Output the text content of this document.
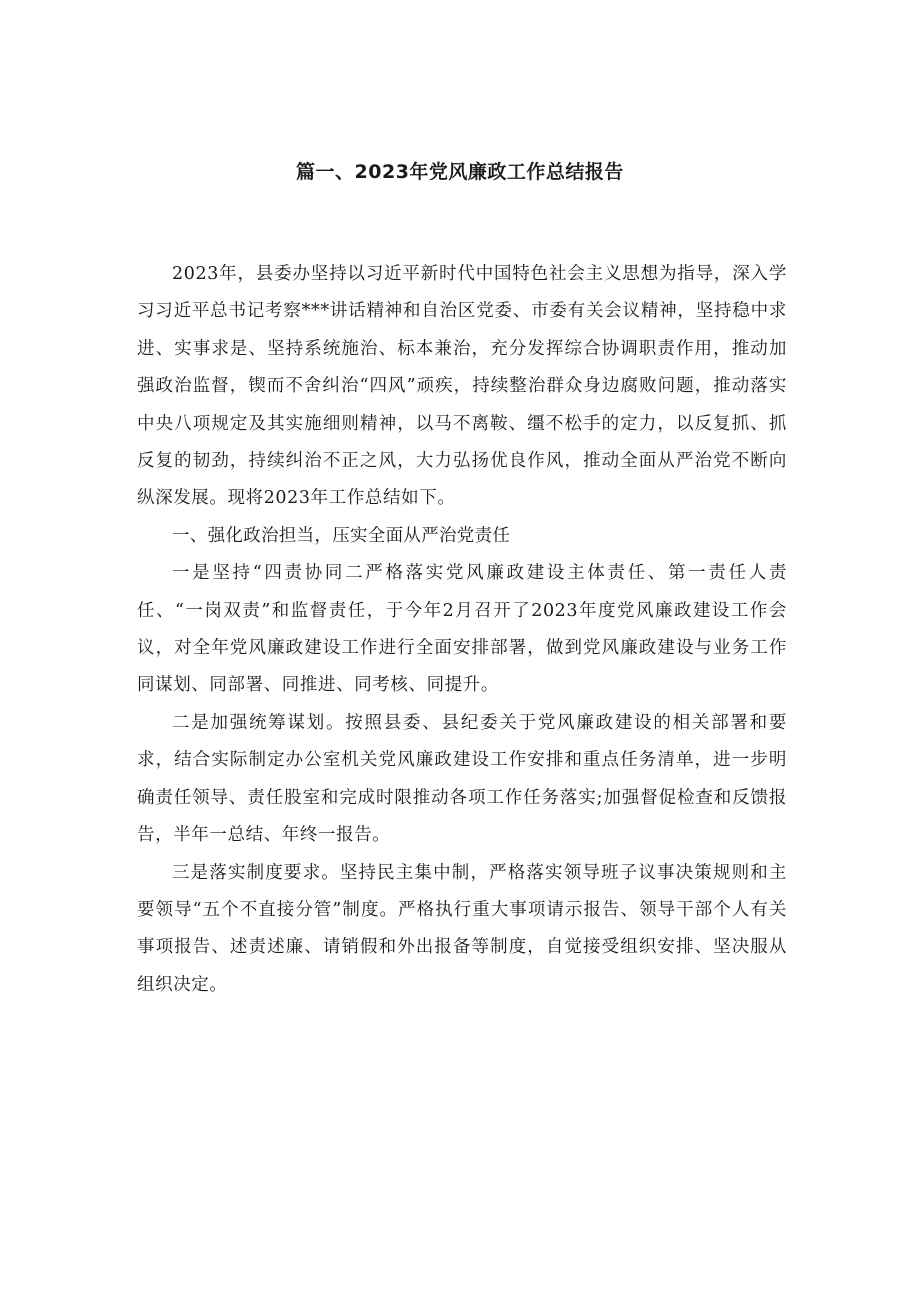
篇一、2023年党风廉政工作总结报告

2023年，县委办坚持以习近平新时代中国特色社会主义思想为指导，深入学习习近平总书记考察***讲话精神和自治区党委、市委有关会议精神，坚持稳中求进、实事求是、坚持系统施治、标本兼治，充分发挥综合协调职责作用，推动加强政治监督，锲而不舍纠治“四风”顽疾，持续整治群众身边腐败问题，推动落实中央八项规定及其实施细则精神，以马不离鞍、缰不松手的定力，以反复抓、抓反复的韧劲，持续纠治不正之风，大力弘扬优良作风，推动全面从严治党不断向纵深发展。现将2023年工作总结如下。

一、强化政治担当，压实全面从严治党责任

一是坚持“四责协同二严格落实党风廉政建设主体责任、第一责任人责任、“一岗双责”和监督责任，于今年2月召开了2023年度党风廉政建设工作会议，对全年党风廉政建设工作进行全面安排部署，做到党风廉政建设与业务工作同谋划、同部署、同推进、同考核、同提升。

二是加强统筹谋划。按照县委、县纪委关于党风廉政建设的相关部署和要求，结合实际制定办公室机关党风廉政建设工作安排和重点任务清单，进一步明确责任领导、责任股室和完成时限推动各项工作任务落实;加强督促检查和反馈报告，半年一总结、年终一报告。

三是落实制度要求。坚持民主集中制，严格落实领导班子议事决策规则和主要领导“五个不直接分管”制度。严格执行重大事项请示报告、领导干部个人有关事项报告、述责述廉、请销假和外出报备等制度，自觉接受组织安排、坚决服从组织决定。
